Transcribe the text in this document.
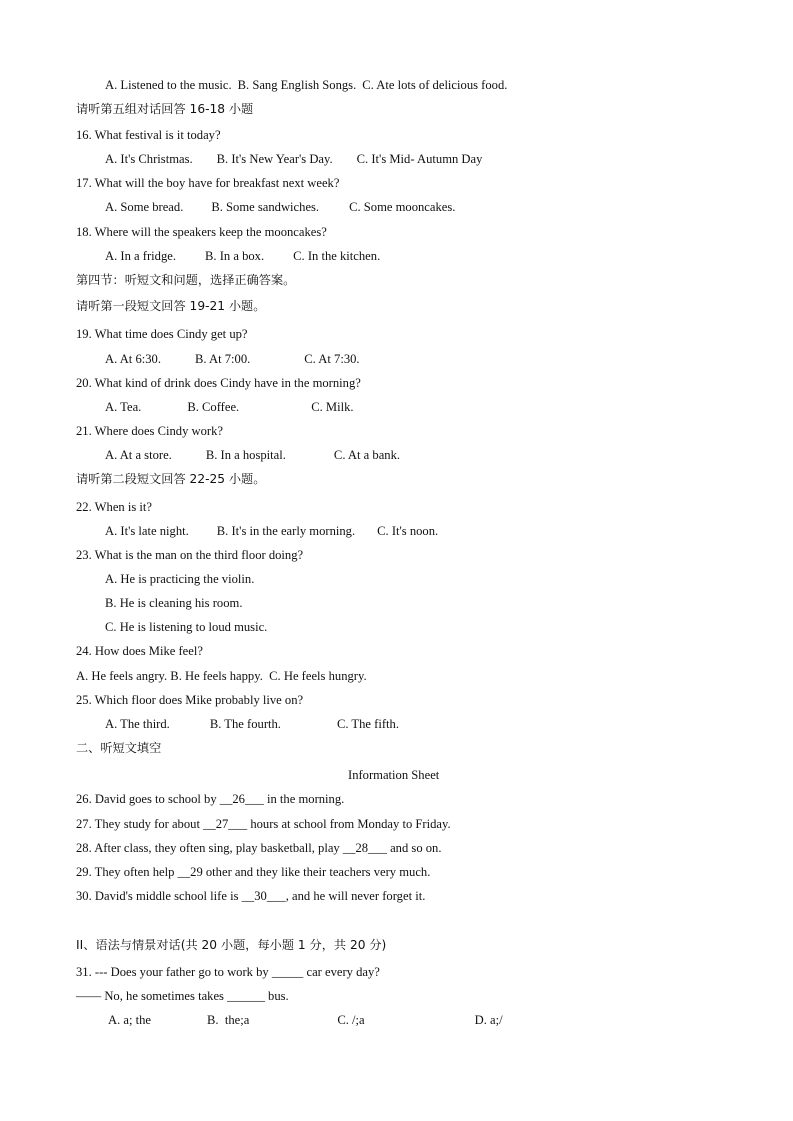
A. Listened to the music. B. Sang English Songs. C. Ate lots of delicious food.
请听第五组对话回答 16-18 小题
16. What festival is it today?
A. It's Christmas. B. It's New Year's Day. C. It's Mid- Autumn Day
17. What will the boy have for breakfast next week?
A. Some bread. B. Some sandwiches. C. Some mooncakes.
18. Where will the speakers keep the mooncakes?
A. In a fridge. B. In a box. C. In the kitchen.
第四节：听短文和问题，选择正确答案。
请听第一段短文回答 19-21 小题。
19. What time does Cindy get up?
A. At 6:30.	B. At 7:00.	C. At 7:30.
20. What kind of drink does Cindy have in the morning?
A. Tea.	B. Coffee.	C. Milk.
21. Where does Cindy work?
A. At a store.	B. In a hospital.	C. At a bank.
请听第二段短文回答 22-25 小题。
22. When is it?
A. It's late night. B. It's in the early morning. C. It's noon.
23. What is the man on the third floor doing?
A. He is practicing the violin.
B. He is cleaning his room.
C. He is listening to loud music.
24. How does Mike feel?
A. He feels angry. B. He feels happy.  C. He feels hungry.
25. Which floor does Mike probably live on?
A. The third.	B. The fourth.	C. The fifth.
二、听短文填空
Information Sheet
26. David goes to school by __26___ in the morning.
27. They study for about __27___ hours at school from Monday to Friday.
28. After class, they often sing, play basketball, play __28___ and so on.
29. They often help __29 other and they like their teachers very much.
30. David's middle school life is __30___, and he will never forget it.
II、语法与情景对话(共 20 小题，每小题 1 分，共 20 分)
31. --- Does your father go to work by _____ car every day?
—— No, he sometimes takes ______ bus.
A. a; the	B.  the;a	C. /;a	D. a;/
